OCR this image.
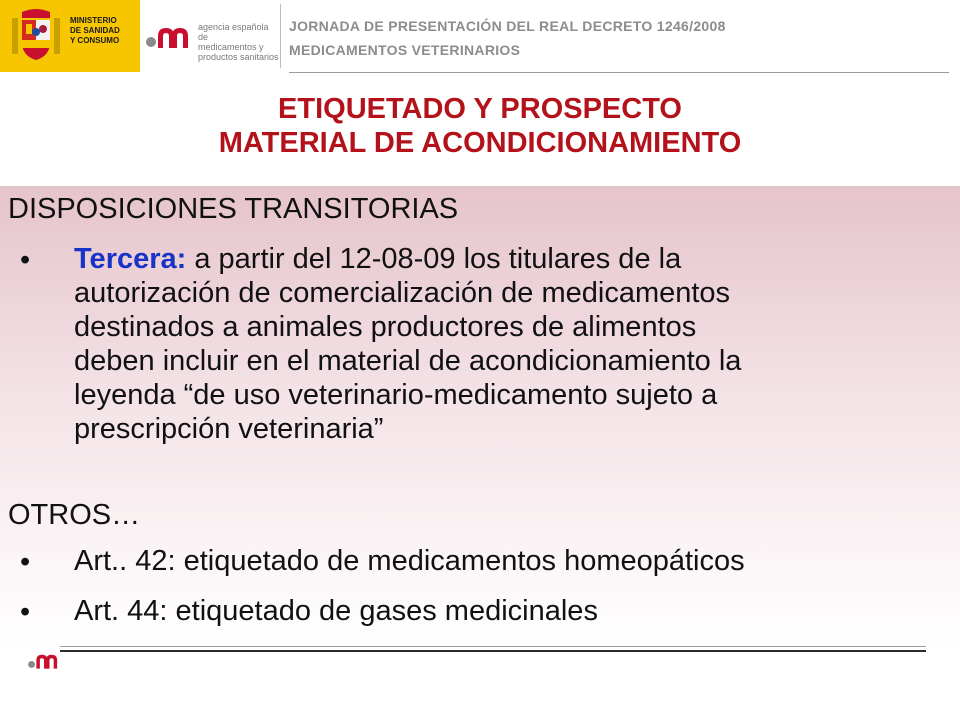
MINISTERIO
DE SANIDAD
Y CONSUMO
agencia española de
medicamentos y
productos sanitarios
JORNADA DE PRESENTACIÓN DEL REAL DECRETO 1246/2008
MEDICAMENTOS VETERINARIOS
ETIQUETADO Y PROSPECTO
MATERIAL DE ACONDICIONAMIENTO
DISPOSICIONES TRANSITORIAS
• Tercera: a partir del 12-08-09 los titulares de la
autorización de comercialización de medicamentos
destinados a animales productores de alimentos
deben incluir en el material de acondicionamiento la
leyenda “de uso veterinario-medicamento sujeto a
prescripción veterinaria”
OTROS…
• Art.. 42: etiquetado de medicamentos homeopáticos
• Art. 44: etiquetado de gases medicinales
